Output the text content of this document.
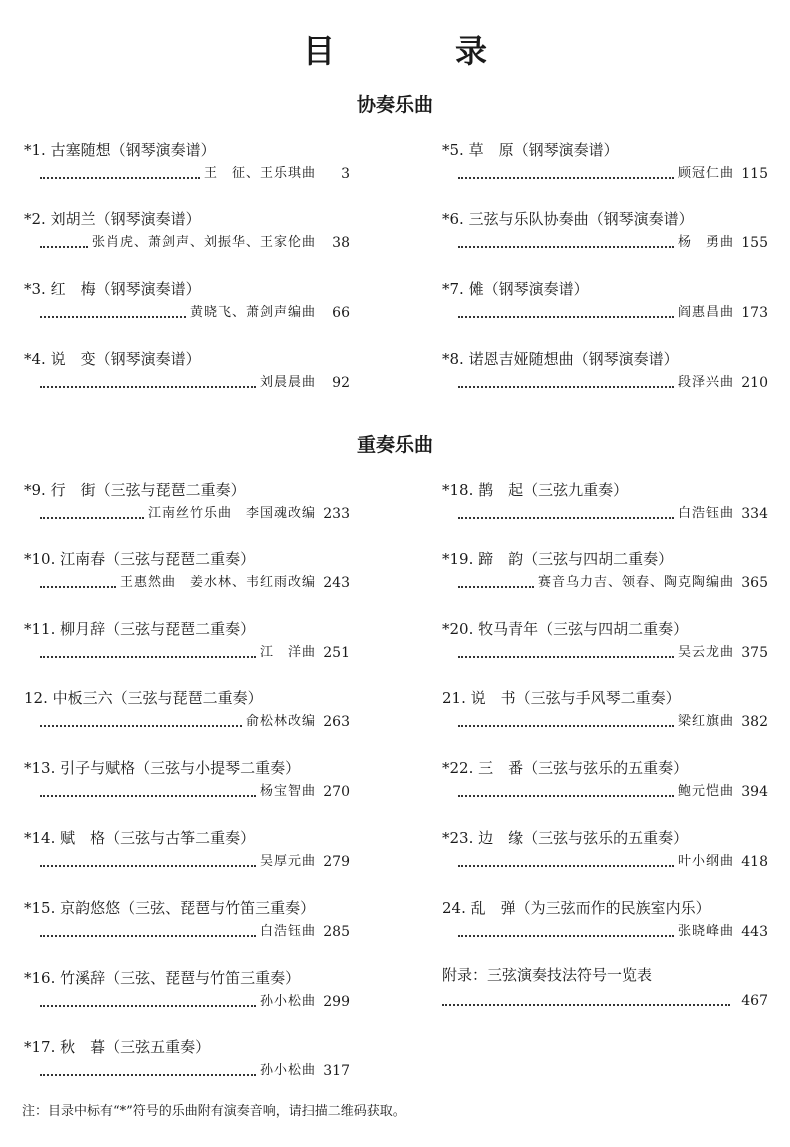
目　录
协奏乐曲
*1. 古塞随想（钢琴演奏谱）
王　征、王乐琪曲	3
*2. 刘胡兰（钢琴演奏谱）
张肖虎、萧剑声、刘振华、王家伦曲	38
*3. 红　梅（钢琴演奏谱）
黄晓飞、萧剑声编曲	66
*4. 说　变（钢琴演奏谱）
刘晨晨曲	92
*5. 草　原（钢琴演奏谱）
顾冠仁曲 115
*6. 三弦与乐队协奏曲（钢琴演奏谱）
杨　勇曲 155
*7. 傩（钢琴演奏谱）
阎惠昌曲 173
*8. 诺恩吉娅随想曲（钢琴演奏谱）
段泽兴曲 210
重奏乐曲
*9. 行　街（三弦与琵琶二重奏）
江南丝竹乐曲　李国魂改编 233
*10. 江南春（三弦与琵琶二重奏）
王惠然曲　姜水林、韦红雨改编 243
*11. 柳月辞（三弦与琵琶二重奏）
江　洋曲 251
12. 中板三六（三弦与琵琶二重奏）
俞松林改编 263
*13. 引子与赋格（三弦与小提琴二重奏）
杨宝智曲 270
*14. 赋　格（三弦与古筝二重奏）
吴厚元曲 279
*15. 京韵悠悠（三弦、琵琶与竹笛三重奏）
白浩钰曲 285
*16. 竹溪辞（三弦、琵琶与竹笛三重奏）
孙小松曲 299
*17. 秋　暮（三弦五重奏）
孙小松曲 317
*18. 鹊　起（三弦九重奏）
白浩钰曲 334
*19. 蹄　韵（三弦与四胡二重奏）
赛音乌力吉、领春、陶克陶编曲 365
*20. 牧马青年（三弦与四胡二重奏）
吴云龙曲 375
21. 说　书（三弦与手风琴二重奏）
梁红旗曲 382
*22. 三　番（三弦与弦乐的五重奏）
鲍元恺曲 394
*23. 边　缘（三弦与弦乐的五重奏）
叶小纲曲 418
24. 乱　弹（为三弦而作的民族室内乐）
张晓峰曲 443
附录：三弦演奏技法符号一览表
467
注：目录中标有“*”符号的乐曲附有演奏音响，请扫描二维码获取。
